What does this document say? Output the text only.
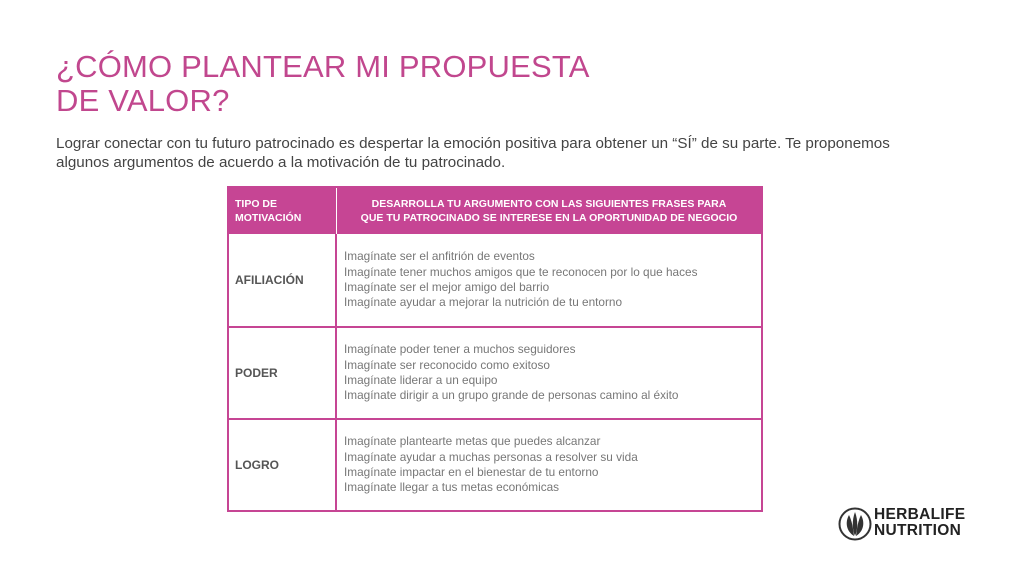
¿CÓMO PLANTEAR MI PROPUESTA
DE VALOR?

Lograr conectar con tu futuro patrocinado es despertar la emoción positiva para obtener un “SÍ” de su parte. Te proponemos
algunos argumentos de acuerdo a la motivación de tu patrocinado.

TIPO DE
MOTIVACIÓN
DESARROLLA TU ARGUMENTO CON LAS SIGUIENTES FRASES PARA
QUE TU PATROCINADO SE INTERESE EN LA OPORTUNIDAD DE NEGOCIO
AFILIACIÓN
Imagínate ser el anfitrión de eventos
Imagínate tener muchos amigos que te reconocen por lo que haces
Imagínate ser el mejor amigo del barrio
Imagínate ayudar a mejorar la nutrición de tu entorno
PODER
Imagínate poder tener a muchos seguidores
Imagínate ser reconocido como exitoso
Imagínate liderar a un equipo
Imagínate dirigir a un grupo grande de personas camino al éxito
LOGRO
Imagínate plantearte metas que puedes alcanzar
Imagínate ayudar a muchas personas a resolver su vida
Imagínate impactar en el bienestar de tu entorno
Imagínate llegar a tus metas económicas
HERBALIFE
NUTRITION
